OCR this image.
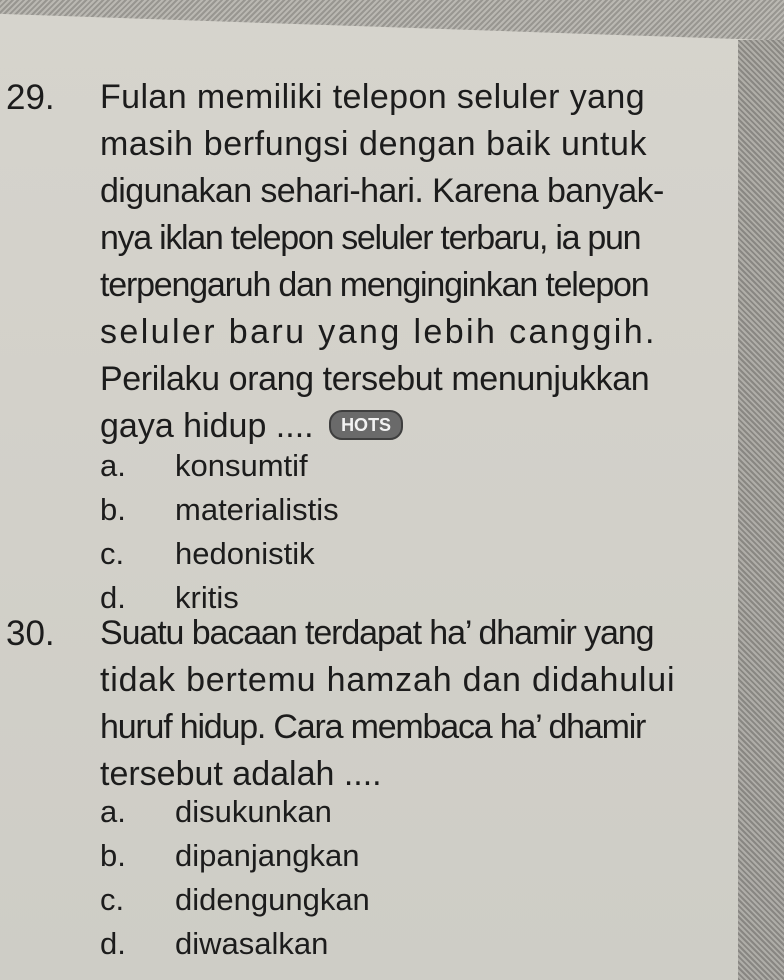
29. Fulan memiliki telepon seluler yang
masih berfungsi dengan baik untuk
digunakan sehari-hari. Karena banyak-
nya iklan telepon seluler terbaru, ia pun
terpengaruh dan menginginkan telepon
seluler baru yang lebih canggih.
Perilaku orang tersebut menunjukkan
gaya hidup .... HOTS
a.	konsumtif
b.	materialistis
c.	hedonistik
d.	kritis
30. Suatu bacaan terdapat ha’ dhamir yang
tidak bertemu hamzah dan didahului
huruf hidup. Cara membaca ha’ dhamir
tersebut adalah ....
a.	disukunkan
b.	dipanjangkan
c.	didengungkan
d.	diwasalkan
